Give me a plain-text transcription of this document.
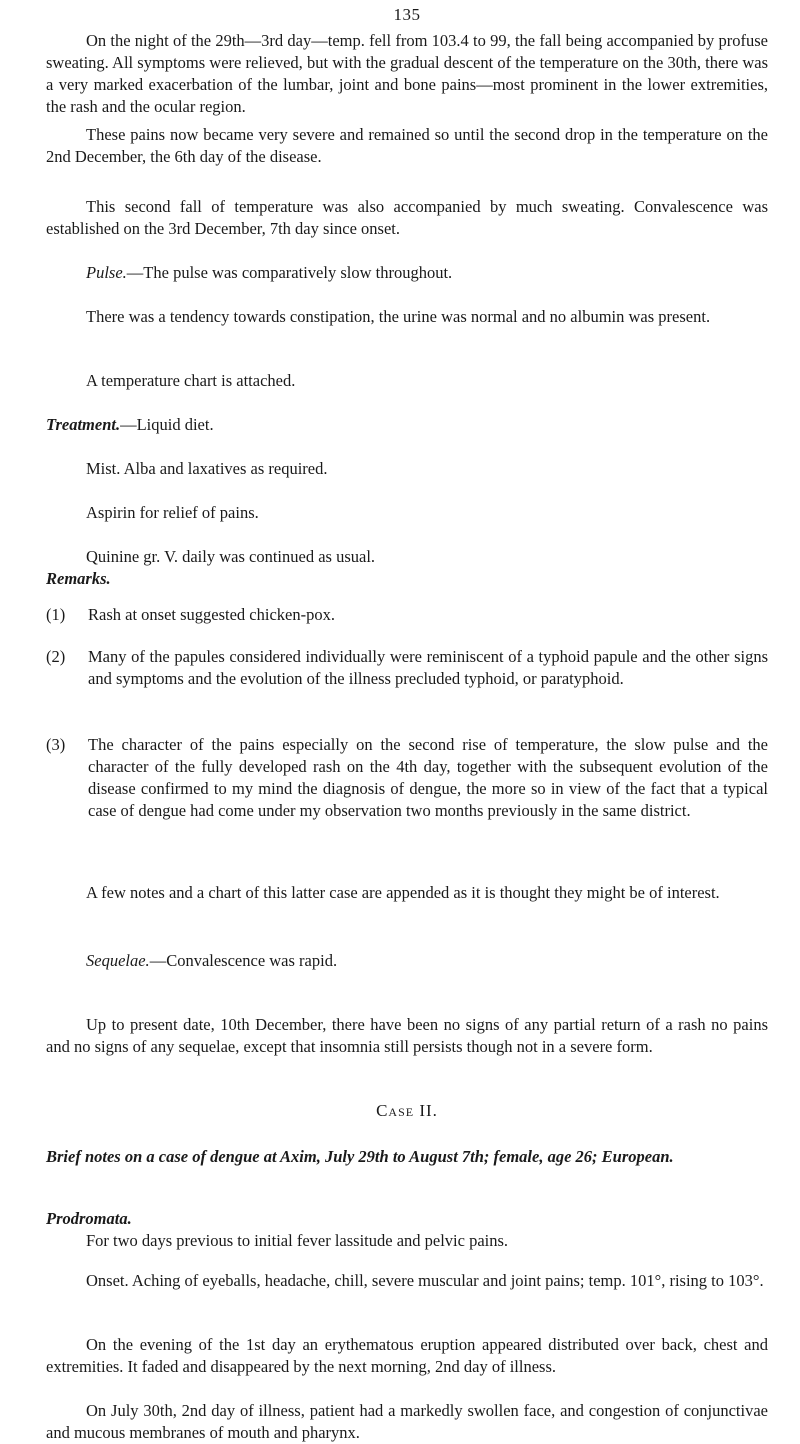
135

On the night of the 29th—3rd day—temp. fell from 103.4 to 99, the fall being accompanied by profuse sweating. All symptoms were relieved, but with the gradual descent of the temperature on the 30th, there was a very marked exacerbation of the lumbar, joint and bone pains—most prominent in the lower extremities, the rash and the ocular region.

These pains now became very severe and remained so until the second drop in the temperature on the 2nd December, the 6th day of the disease.

This second fall of temperature was also accompanied by much sweating. Convalescence was established on the 3rd December, 7th day since onset.

Pulse.—The pulse was comparatively slow throughout.

There was a tendency towards constipation, the urine was normal and no albumin was present.

A temperature chart is attached.

Treatment.—Liquid diet.

Mist. Alba and laxatives as required.

Aspirin for relief of pains.

Quinine gr. V. daily was continued as usual.

Remarks.

(1)	Rash at onset suggested chicken-pox.
(2)	Many of the papules considered individually were reminiscent of a typhoid papule and the other signs and symptoms and the evolution of the illness precluded typhoid, or paratyphoid.
(3)	The character of the pains especially on the second rise of temperature, the slow pulse and the character of the fully developed rash on the 4th day, together with the subsequent evolution of the disease confirmed to my mind the diagnosis of dengue, the more so in view of the fact that a typical case of dengue had come under my observation two months previously in the same district.

A few notes and a chart of this latter case are appended as it is thought they might be of interest.

Sequelae.—Convalescence was rapid.

Up to present date, 10th December, there have been no signs of any partial return of a rash no pains and no signs of any sequelae, except that insomnia still persists though not in a severe form.

Case II.

Brief notes on a case of dengue at Axim, July 29th to August 7th; female, age 26; European.

Prodromata.

For two days previous to initial fever lassitude and pelvic pains.

Onset. Aching of eyeballs, headache, chill, severe muscular and joint pains; temp. 101°, rising to 103°.

On the evening of the 1st day an erythematous eruption appeared distributed over back, chest and extremities. It faded and disappeared by the next morning, 2nd day of illness.

On July 30th, 2nd day of illness, patient had a markedly swollen face, and congestion of conjunctivae and mucous membranes of mouth and pharynx.
